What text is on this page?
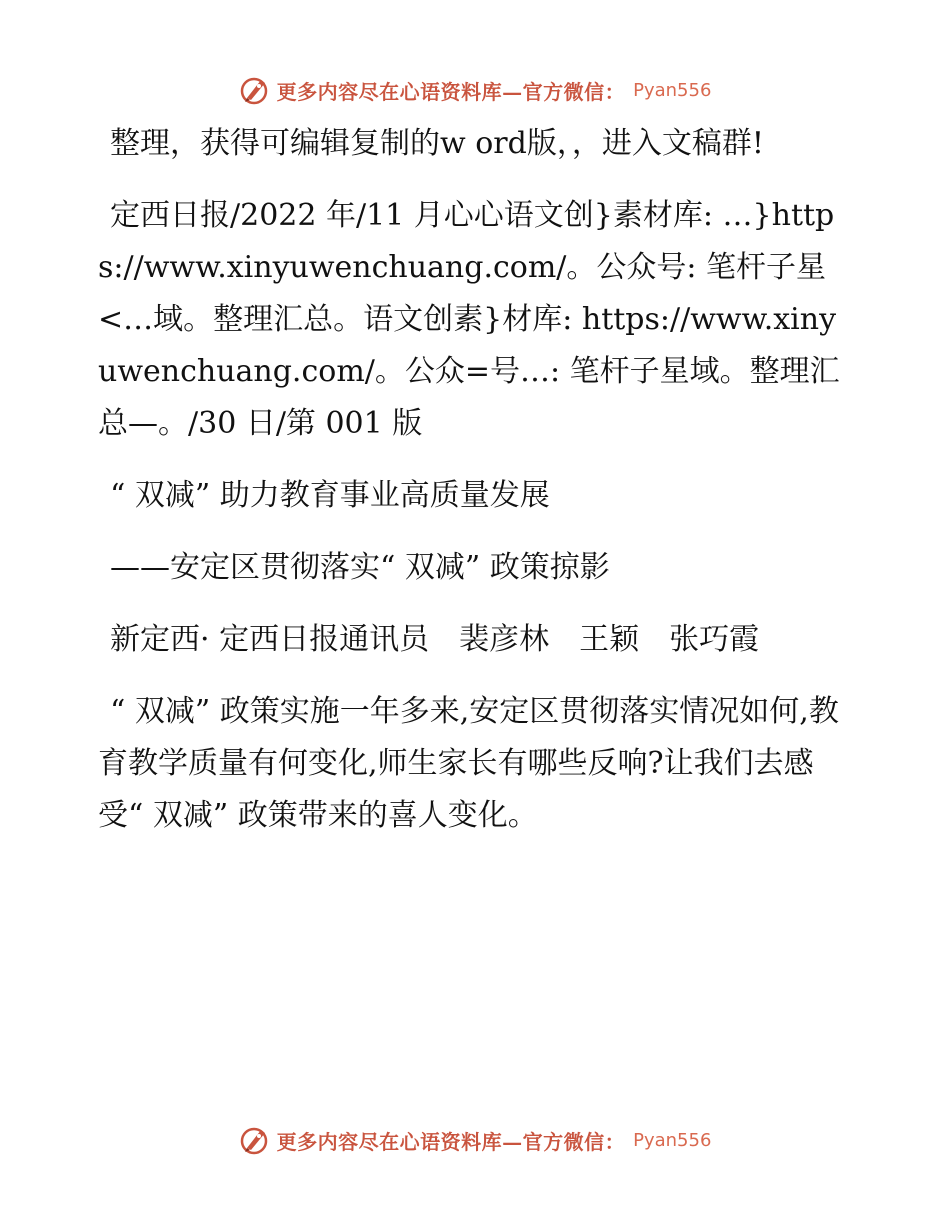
更多内容尽在心语资料库—官方微信： Pyan556

整理，获得可编辑复制的w ord版，，进入文稿群!

定西日报/2022 年/11 月心心语文创}素材库: …}https://www.xinyuwenchuang.com/。公众号: 笔杆子星<…域。整理汇总。语文创素}材库: https://www.xinyuwenchuang.com/。公众=号…: 笔杆子星域。整理汇总—。/30 日/第 001 版

“ 双减” 助力教育事业高质量发展

——安定区贯彻落实“ 双减” 政策掠影

新定西· 定西日报通讯员　裴彦林　王颖　张巧霞

“ 双减” 政策实施一年多来,安定区贯彻落实情况如何,教育教学质量有何变化,师生家长有哪些反响?让我们去感受“ 双减” 政策带来的喜人变化。

更多内容尽在心语资料库—官方微信： Pyan556
